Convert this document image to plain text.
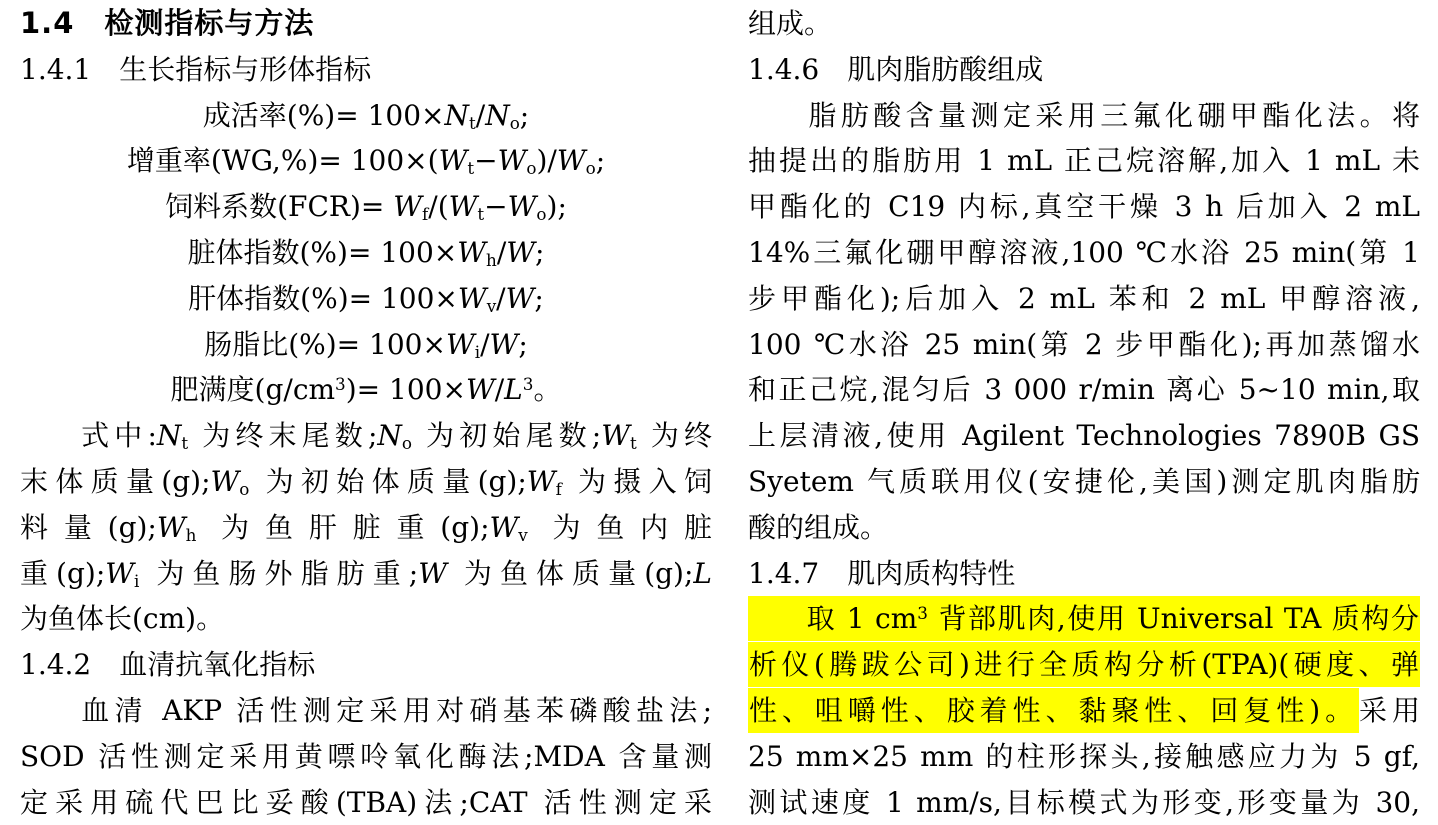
1.4 检测指标与方法
1.4.1 生长指标与形体指标
成活率(%)= $100\times N_t/N_o$;
增重率$(WG,\%)= 100\times(W_t-W_o)/W_o$;
饲料系数$(FCR)= W_f/(W_t-W_o)$;
脏体指数(%)= $100\times W_h/W$;
肝体指数(%)= $100\times W_v/W$;
肠脂比(%)= $100\times W_i/W$;
肥满度$(g/cm^3)= 100\times W/L^3$。
  式中$:N_t$ 为终末尾数$;N_o$ 为初始尾数$;W_t$ 为终
末体质量$(g);W_o$ 为初始体质量$(g);W_f$ 为摄入饲
料量$(g);W_h$ 为鱼肝脏重$(g);W_v$ 为鱼内脏
重$(g);W_i$ 为鱼肠外脂肪重;W 为鱼体质量(g);L
为鱼体长(cm)。
1.4.2 血清抗氧化指标
  血清 AKP 活性测定采用对硝基苯磷酸盐法;
SOD 活性测定采用黄嘌呤氧化酶法;MDA 含量测
定采用硫代巴比妥酸(TBA)法;CAT 活性测定采
组成。
1.4.6 肌肉脂肪酸组成
  脂肪酸含量测定采用三氟化硼甲酯化法。将
抽提出的脂肪用 1 mL 正己烷溶解,加入 1 mL 未
甲酯化的 C19 内标,真空干燥 3 h 后加入 2 mL
14%三氟化硼甲醇溶液,100 ℃水浴 25 min(第 1
步甲酯化);后加入 2 mL 苯和 2 mL 甲醇溶液,
100 ℃水浴 25 min(第 2 步甲酯化);再加蒸馏水
和正己烷,混匀后 3 000 r/min 离心 5~10 min,取
上层清液,使用 Agilent Technologies 7890B GS
Syetem 气质联用仪(安捷伦,美国)测定肌肉脂肪
酸的组成。
1.4.7 肌肉质构特性
  取 1 $cm^3$ 背部肌肉,使用 Universal TA 质构分
析仪(腾跋公司)进行全质构分析(TPA)(硬度、弹
性、咀嚼性、胶着性、黏聚性、回复性)。采用
25 mm×25 mm 的柱形探头,接触感应力为 5 gf,
测试速度 1 mm/s,目标模式为形变,形变量为 30,
